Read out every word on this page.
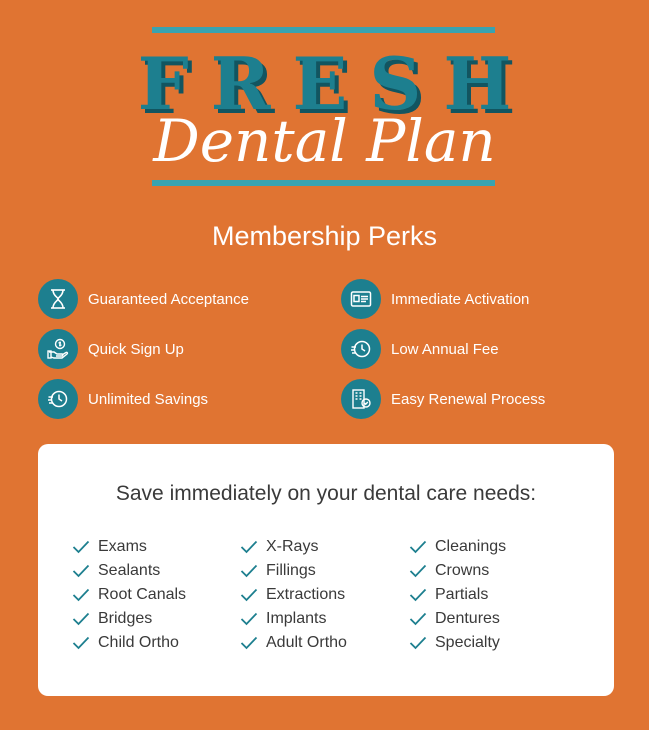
FRESH
Dental Plan
Membership Perks
Guaranteed Acceptance	Immediate Activation
Quick Sign Up	Low Annual Fee
Unlimited Savings	Easy Renewal Process
Save immediately on your dental care needs:
Exams
Sealants
Root Canals
Bridges
Child Ortho
X-Rays
Fillings
Extractions
Implants
Adult Ortho
Cleanings
Crowns
Partials
Dentures
Specialty
